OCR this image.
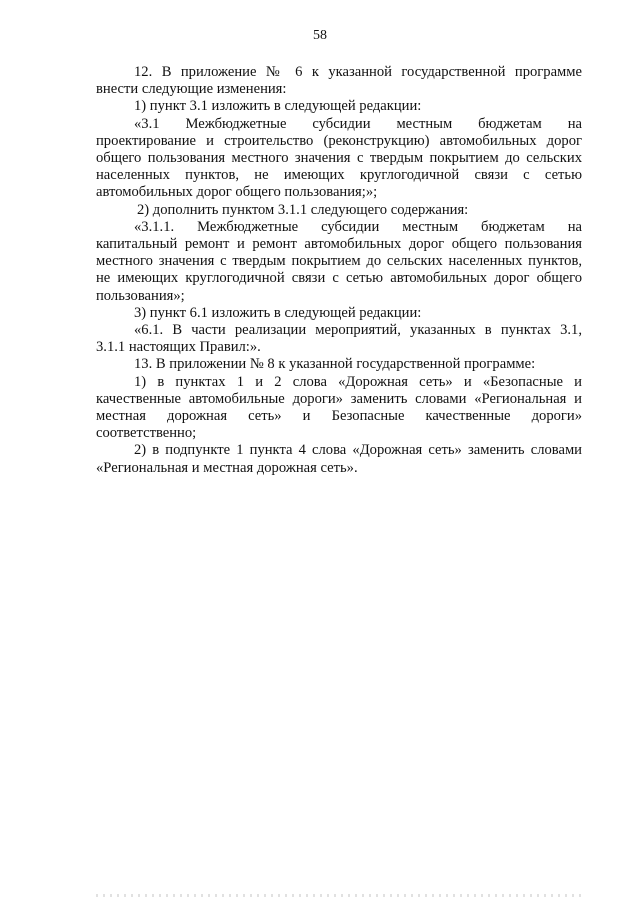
58
12. В приложение № 6 к указанной государственной программе
внести следующие изменения:
1) пункт 3.1 изложить в следующей редакции:
«3.1 Межбюджетные субсидии местным бюджетам на
проектирование и строительство (реконструкцию) автомобильных дорог
общего пользования местного значения с твердым покрытием до сельских
населенных пунктов, не имеющих круглогодичной связи с сетью
автомобильных дорог общего пользования;»;
2) дополнить пунктом 3.1.1 следующего содержания:
«3.1.1. Межбюджетные субсидии местным бюджетам на
капитальный ремонт и ремонт автомобильных дорог общего пользования
местного значения с твердым покрытием до сельских населенных пунктов,
не имеющих круглогодичной связи с сетью автомобильных дорог общего
пользования»;
3) пункт 6.1 изложить в следующей редакции:
«6.1. В части реализации мероприятий, указанных в пунктах 3.1,
3.1.1 настоящих Правил:».
13. В приложении № 8 к указанной государственной программе:
1) в пунктах 1 и 2 слова «Дорожная сеть» и «Безопасные и
качественные автомобильные дороги» заменить словами «Региональная и
местная дорожная сеть» и Безопасные качественные дороги»
соответственно;
2) в подпункте 1 пункта 4 слова «Дорожная сеть» заменить словами
«Региональная и местная дорожная сеть».
